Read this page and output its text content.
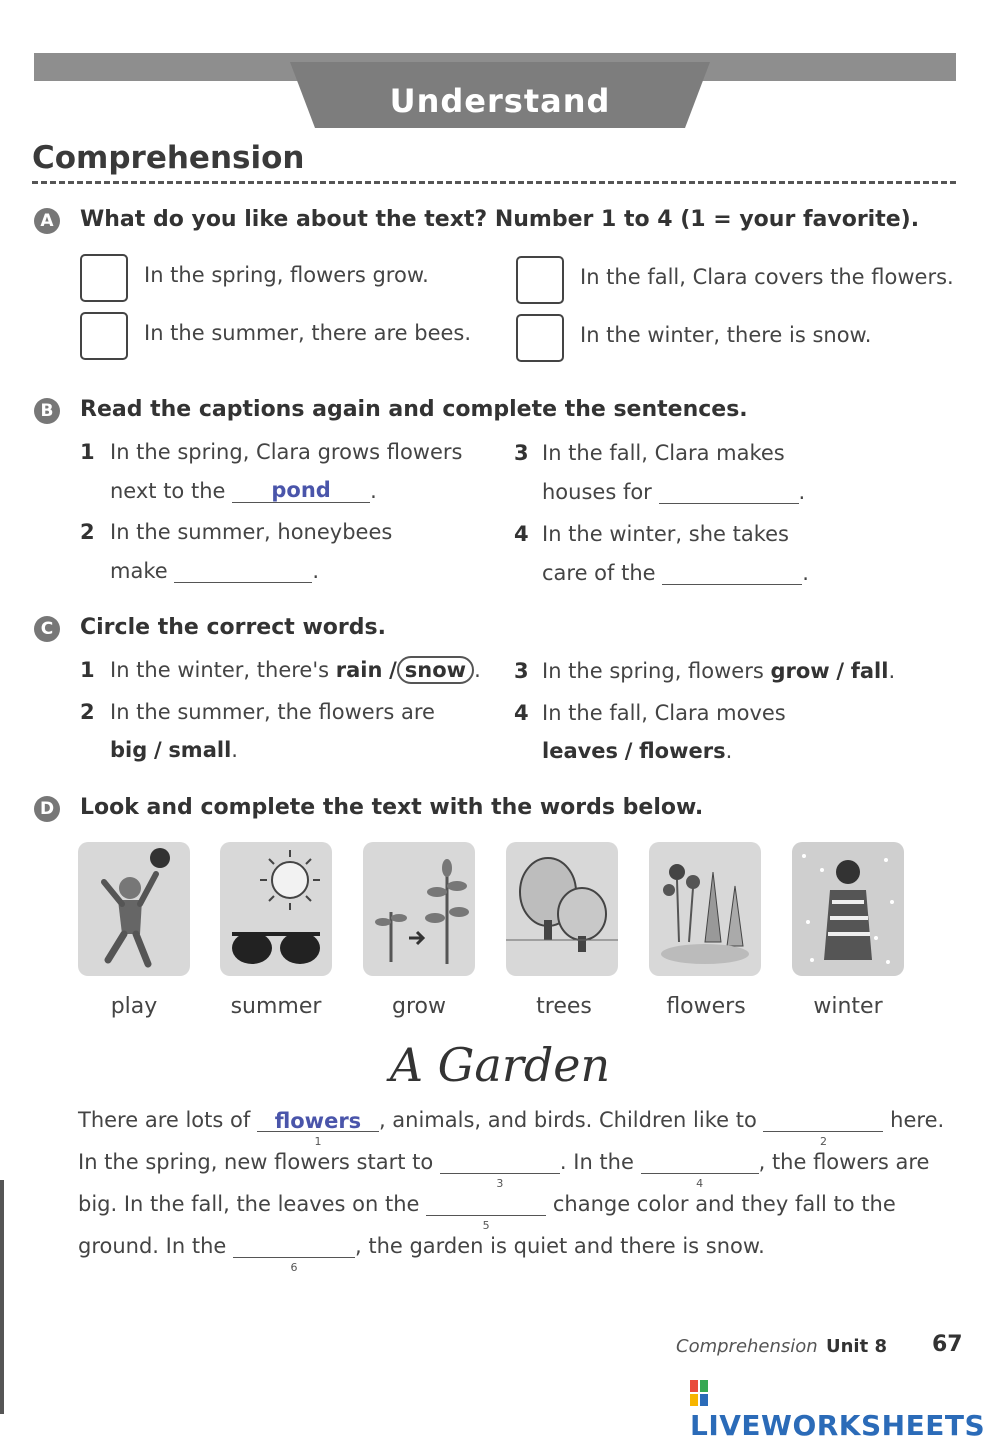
Understand
Comprehension
A What do you like about the text? Number 1 to 4 (1 = your favorite).
In the spring, flowers grow.	In the fall, Clara covers the flowers.
In the summer, there are bees.	In the winter, there is snow.
B Read the captions again and complete the sentences.
1 In the spring, Clara grows flowers
next to the pond .
2 In the summer, honeybees
make	.
3 In the fall, Clara makes
houses for	.
4 In the winter, she takes
care of the	.
C	Circle the correct words.
1 In the winter, there's rain / snow .
2 In the summer, the flowers are
big / small.
3 In the spring, flowers grow / fall.
4 In the fall, Clara moves
leaves / flowers.
D Look and complete the text with the words below.
play	summer	grow	trees	flowers	winter
A Garden
There are lots of flowers
1
, animals, and birds. Children like to
2
here.
In the spring, new flowers start to
3
. In the
4
, the flowers are
big. In the fall, the leaves on the
5
change color and they fall to the
ground. In the
6
, the garden is quiet and there is snow.
Comprehension Unit 8 67
LIVEWORKSHEETS
